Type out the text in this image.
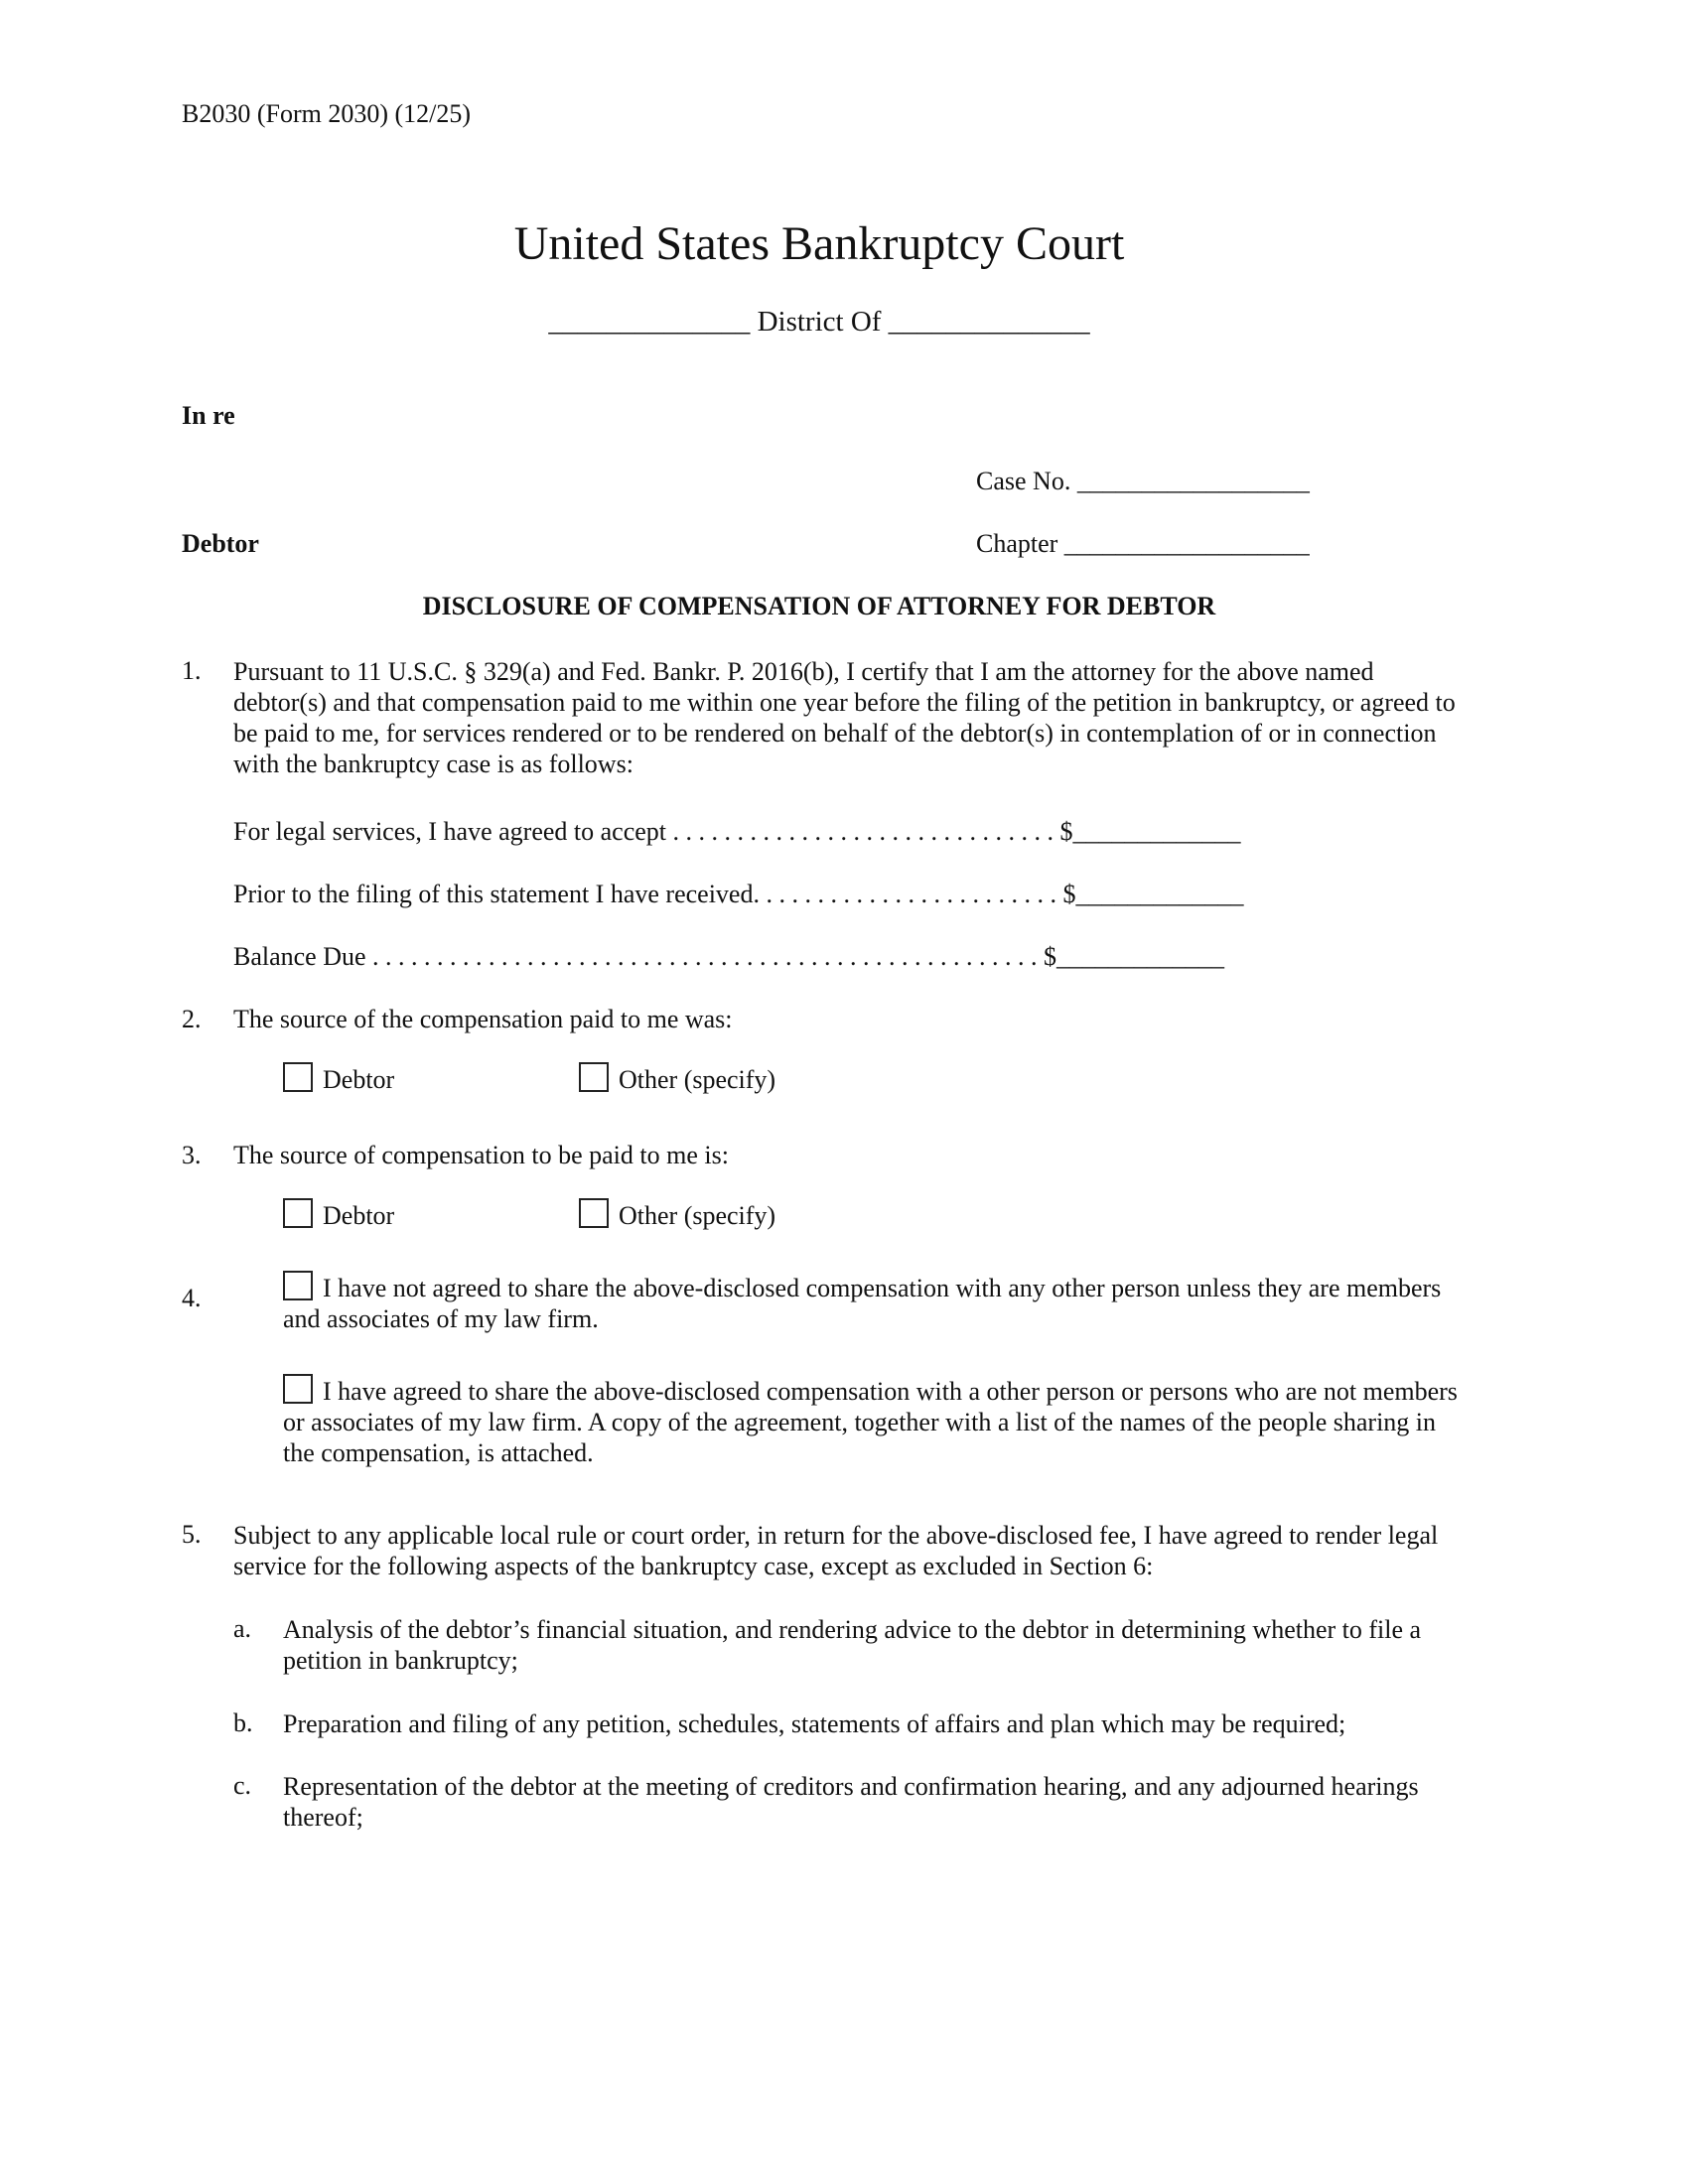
B2030 (Form 2030) (12/25)
United States Bankruptcy Court
______________ District Of ______________
In re
Case No. __________________
Debtor	Chapter ___________________
DISCLOSURE OF COMPENSATION OF ATTORNEY FOR DEBTOR
1. Pursuant to 11 U.S.C. § 329(a) and Fed. Bankr. P. 2016(b), I certify that I am the attorney for the above named debtor(s) and that compensation paid to me within one year before the filing of the petition in bankruptcy, or agreed to be paid to me, for services rendered or to be rendered on behalf of the debtor(s) in contemplation of or in connection with the bankruptcy case is as follows:
For legal services, I have agreed to accept . . . . . . . . . . . . . . . . . . . . . . . . . . . . . . $_____________
Prior to the filing of this statement I have received. . . . . . . . . . . . . . . . . . . . . . . . $_____________
Balance Due . . . . . . . . . . . . . . . . . . . . . . . . . . . . . . . . . . . . . . . . . . . . . . . . . . . . $_____________
2. The source of the compensation paid to me was:
Debtor	Other (specify)
3. The source of compensation to be paid to me is:
Debtor	Other (specify)
4.	I have not agreed to share the above-disclosed compensation with any other person unless they are members and associates of my law firm.
I have agreed to share the above-disclosed compensation with a other person or persons who are not members or associates of my law firm. A copy of the agreement, together with a list of the names of the people sharing in the compensation, is attached.
5. Subject to any applicable local rule or court order, in return for the above-disclosed fee, I have agreed to render legal service for the following aspects of the bankruptcy case, except as excluded in Section 6:
a. Analysis of the debtor’s financial situation, and rendering advice to the debtor in determining whether to file a petition in bankruptcy;
b. Preparation and filing of any petition, schedules, statements of affairs and plan which may be required;
c. Representation of the debtor at the meeting of creditors and confirmation hearing, and any adjourned hearings thereof;
